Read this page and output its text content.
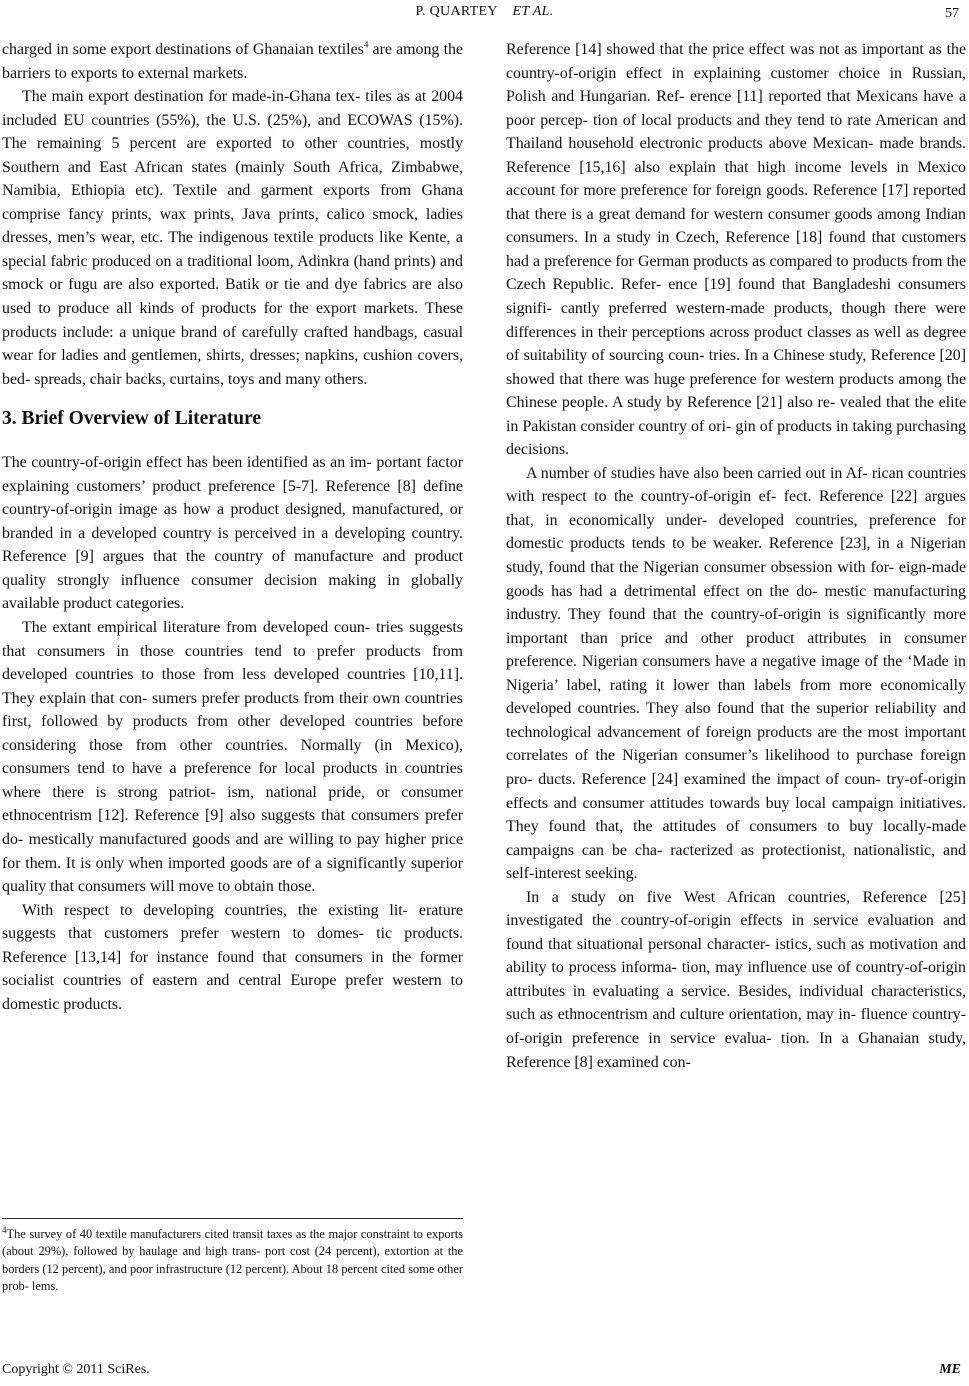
P. QUARTEY ET AL.	57

charged in some export destinations of Ghanaian textiles$^4$ are among the barriers to exports to external markets.

The main export destination for made-in-Ghana tex- tiles as at 2004 included EU countries (55%), the U.S. (25%), and ECOWAS (15%). The remaining 5 percent are exported to other countries, mostly Southern and East African states (mainly South Africa, Zimbabwe, Namibia, Ethiopia etc). Textile and garment exports from Ghana comprise fancy prints, wax prints, Java prints, calico smock, ladies dresses, men’s wear, etc. The indigenous textile products like Kente, a special fabric produced on a traditional loom, Adinkra (hand prints) and smock or fugu are also exported. Batik or tie and dye fabrics are also used to produce all kinds of products for the export markets. These products include: a unique brand of carefully crafted handbags, casual wear for ladies and gentlemen, shirts, dresses; napkins, cushion covers, bed- spreads, chair backs, curtains, toys and many others.

3. Brief Overview of Literature

The country-of-origin effect has been identified as an im- portant factor explaining customers’ product preference [5-7]. Reference [8] define country-of-origin image as how a product designed, manufactured, or branded in a developed country is perceived in a developing country. Reference [9] argues that the country of manufacture and product quality strongly influence consumer decision making in globally available product categories.

The extant empirical literature from developed coun- tries suggests that consumers in those countries tend to prefer products from developed countries to those from less developed countries [10,11]. They explain that con- sumers prefer products from their own countries first, followed by products from other developed countries before considering those from other countries. Normally (in Mexico), consumers tend to have a preference for local products in countries where there is strong patriot- ism, national pride, or consumer ethnocentrism [12]. Reference [9] also suggests that consumers prefer do- mestically manufactured goods and are willing to pay higher price for them. It is only when imported goods are of a significantly superior quality that consumers will move to obtain those.

With respect to developing countries, the existing lit- erature suggests that customers prefer western to domes- tic products. Reference [13,14] for instance found that consumers in the former socialist countries of eastern and central Europe prefer western to domestic products.

$^4$The survey of 40 textile manufacturers cited transit taxes as the major constraint to exports (about 29%), followed by haulage and high trans- port cost (24 percent), extortion at the borders (12 percent), and poor infrastructure (12 percent). About 18 percent cited some other prob- lems.

Reference [14] showed that the price effect was not as important as the country-of-origin effect in explaining customer choice in Russian, Polish and Hungarian. Ref- erence [11] reported that Mexicans have a poor percep- tion of local products and they tend to rate American and Thailand household electronic products above Mexican- made brands. Reference [15,16] also explain that high income levels in Mexico account for more preference for foreign goods. Reference [17] reported that there is a great demand for western consumer goods among Indian consumers. In a study in Czech, Reference [18] found that customers had a preference for German products as compared to products from the Czech Republic. Refer- ence [19] found that Bangladeshi consumers signifi- cantly preferred western-made products, though there were differences in their perceptions across product classes as well as degree of suitability of sourcing coun- tries. In a Chinese study, Reference [20] showed that there was huge preference for western products among the Chinese people. A study by Reference [21] also re- vealed that the elite in Pakistan consider country of ori- gin of products in taking purchasing decisions.

A number of studies have also been carried out in Af- rican countries with respect to the country-of-origin ef- fect. Reference [22] argues that, in economically under- developed countries, preference for domestic products tends to be weaker. Reference [23], in a Nigerian study, found that the Nigerian consumer obsession with for- eign-made goods has had a detrimental effect on the do- mestic manufacturing industry. They found that the country-of-origin is significantly more important than price and other product attributes in consumer preference. Nigerian consumers have a negative image of the ‘Made in Nigeria’ label, rating it lower than labels from more economically developed countries. They also found that the superior reliability and technological advancement of foreign products are the most important correlates of the Nigerian consumer’s likelihood to purchase foreign pro- ducts. Reference [24] examined the impact of coun- try-of-origin effects and consumer attitudes towards buy local campaign initiatives. They found that, the attitudes of consumers to buy locally-made campaigns can be cha- racterized as protectionist, nationalistic, and self-interest seeking.

In a study on five West African countries, Reference [25] investigated the country-of-origin effects in service evaluation and found that situational personal character- istics, such as motivation and ability to process informa- tion, may influence use of country-of-origin attributes in evaluating a service. Besides, individual characteristics, such as ethnocentrism and culture orientation, may in- fluence country-of-origin preference in service evalua- tion. In a Ghanaian study, Reference [8] examined con-

Copyright © 2011 SciRes.	ME
